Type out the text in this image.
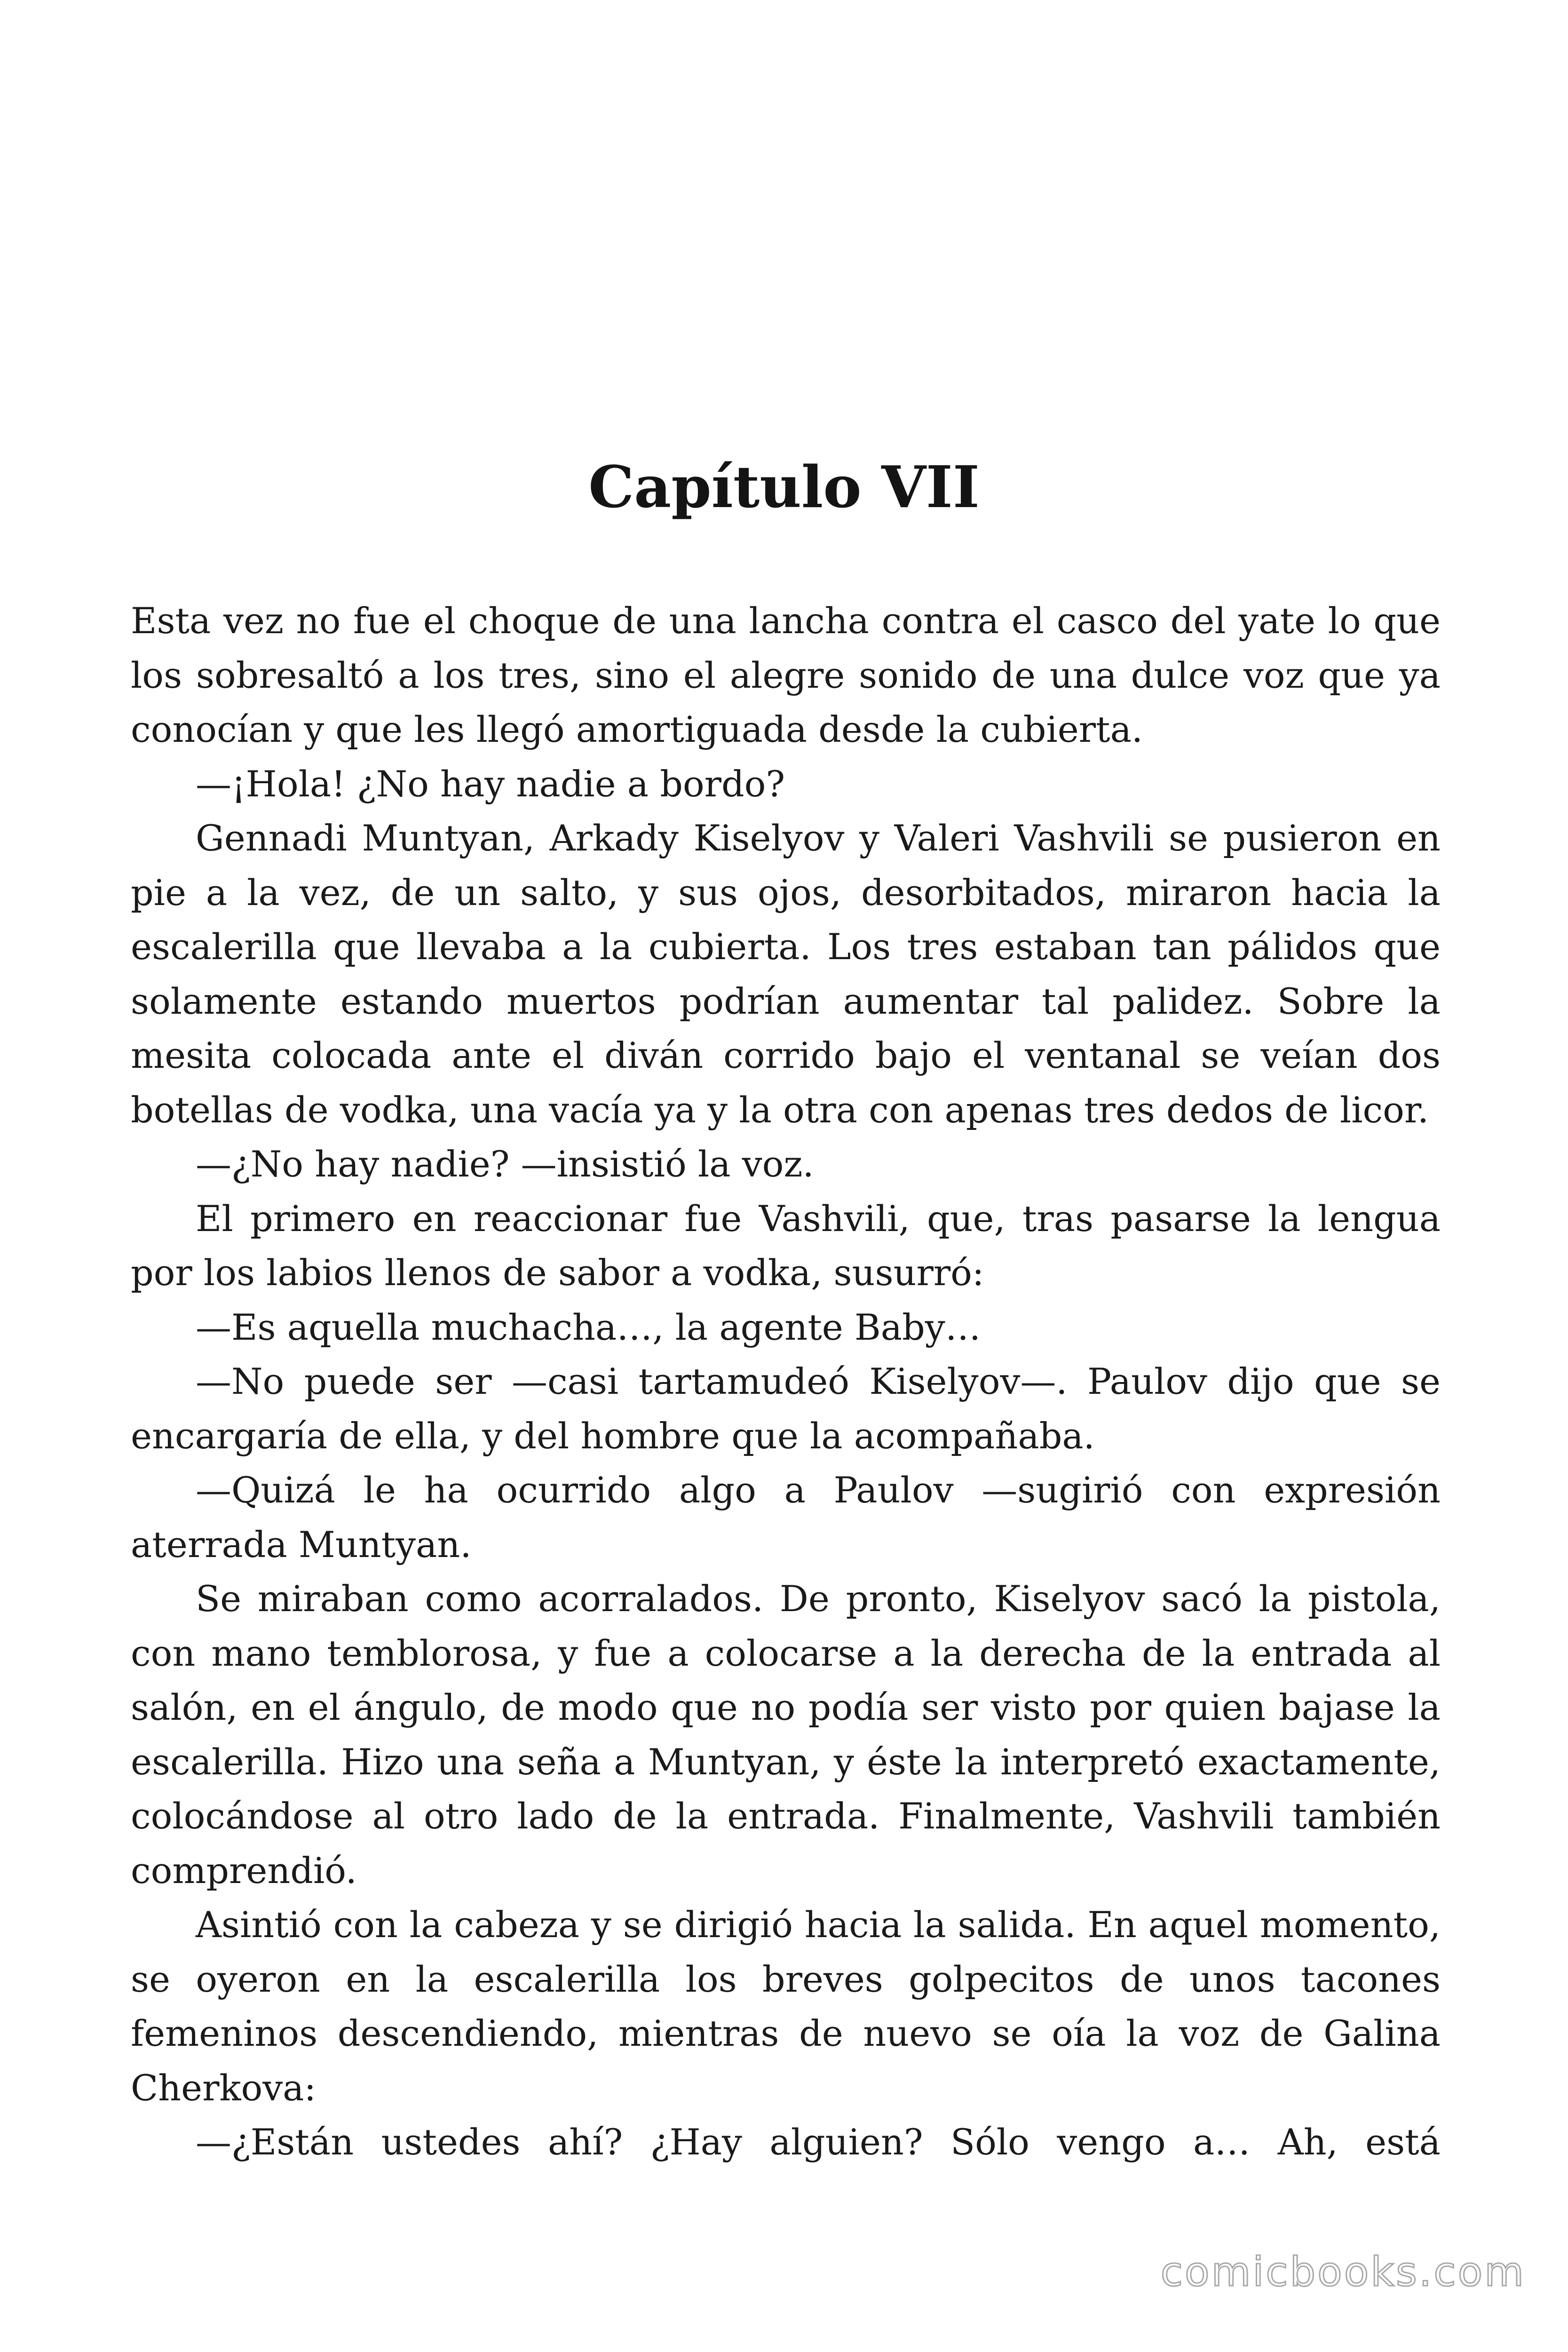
Capítulo VII

Esta vez no fue el choque de una lancha contra el casco del yate lo que los sobresaltó a los tres, sino el alegre sonido de una dulce voz que ya conocían y que les llegó amortiguada desde la cubierta.

—¡Hola! ¿No hay nadie a bordo?

Gennadi Muntyan, Arkady Kiselyov y Valeri Vashvili se pusieron en pie a la vez, de un salto, y sus ojos, desorbitados, miraron hacia la escalerilla que llevaba a la cubierta. Los tres estaban tan pálidos que solamente estando muertos podrían aumentar tal palidez. Sobre la mesita colocada ante el diván corrido bajo el ventanal se veían dos botellas de vodka, una vacía ya y la otra con apenas tres dedos de licor.

—¿No hay nadie? —insistió la voz.

El primero en reaccionar fue Vashvili, que, tras pasarse la lengua por los labios llenos de sabor a vodka, susurró:

—Es aquella muchacha…, la agente Baby…

—No puede ser —casi tartamudeó Kiselyov—. Paulov dijo que se encargaría de ella, y del hombre que la acompañaba.

—Quizá le ha ocurrido algo a Paulov —sugirió con expresión aterrada Muntyan.

Se miraban como acorralados. De pronto, Kiselyov sacó la pistola, con mano temblorosa, y fue a colocarse a la derecha de la entrada al salón, en el ángulo, de modo que no podía ser visto por quien bajase la escalerilla. Hizo una seña a Muntyan, y éste la interpretó exactamente, colocándose al otro lado de la entrada. Finalmente, Vashvili también comprendió.

Asintió con la cabeza y se dirigió hacia la salida. En aquel momento, se oyeron en la escalerilla los breves golpecitos de unos tacones femeninos descendiendo, mientras de nuevo se oía la voz de Galina Cherkova:

—¿Están ustedes ahí? ¿Hay alguien? Sólo vengo a… Ah, está

comicbooks.com
